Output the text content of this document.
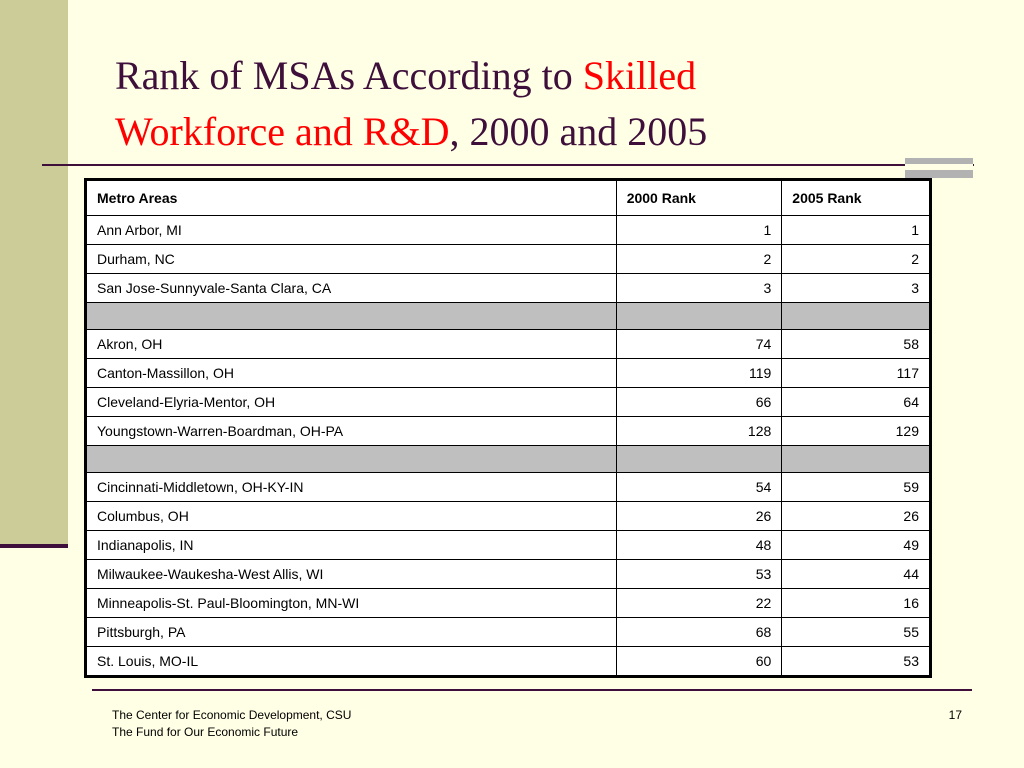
Rank of MSAs According to Skilled
Workforce and R&D, 2000 and 2005
Metro Areas	2000 Rank	2005 Rank
Ann Arbor, MI	1	1
Durham, NC	2	2
San Jose-Sunnyvale-Santa Clara, CA	3	3

Akron, OH	74	58
Canton-Massillon, OH	119	117
Cleveland-Elyria-Mentor, OH	66	64
Youngstown-Warren-Boardman, OH-PA	128	129

Cincinnati-Middletown, OH-KY-IN	54	59
Columbus, OH	26	26
Indianapolis, IN	48	49
Milwaukee-Waukesha-West Allis, WI	53	44
Minneapolis-St. Paul-Bloomington, MN-WI	22	16
Pittsburgh, PA	68	55
St. Louis, MO-IL	60	53
The Center for Economic Development, CSU
The Fund for Our Economic Future
17
